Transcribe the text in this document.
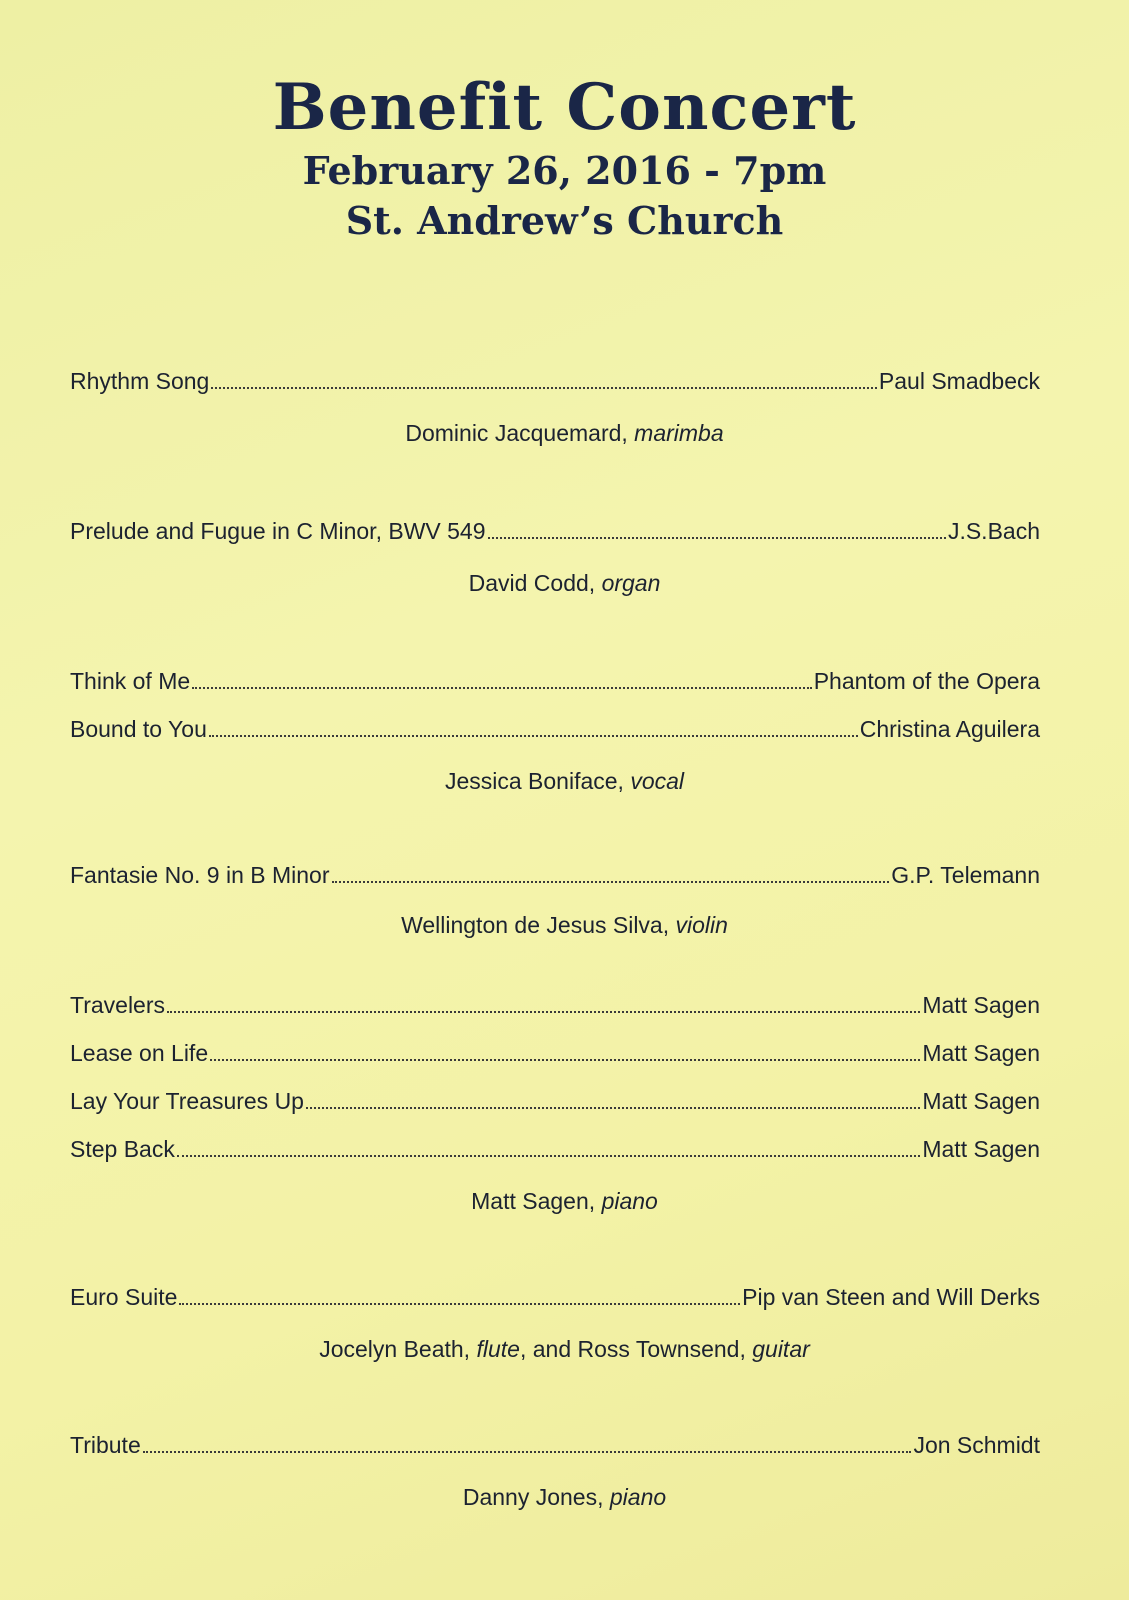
Benefit Concert
February 26, 2016 - 7pm
St. Andrew’s Church
Rhythm Song	Paul Smadbeck
Dominic Jacquemard, marimba
Prelude and Fugue in C Minor, BWV 549	J.S.Bach
David Codd, organ
Think of Me	Phantom of the Opera
Bound to You	Christina Aguilera
Jessica Boniface, vocal
Fantasie No. 9 in B Minor	G.P. Telemann
Wellington de Jesus Silva, violin
Travelers	Matt Sagen
Lease on Life	Matt Sagen
Lay Your Treasures Up	Matt Sagen
Step Back	Matt Sagen
Matt Sagen, piano
Euro Suite	Pip van Steen and Will Derks
Jocelyn Beath, flute, and Ross Townsend, guitar
Tribute	Jon Schmidt
Danny Jones, piano
